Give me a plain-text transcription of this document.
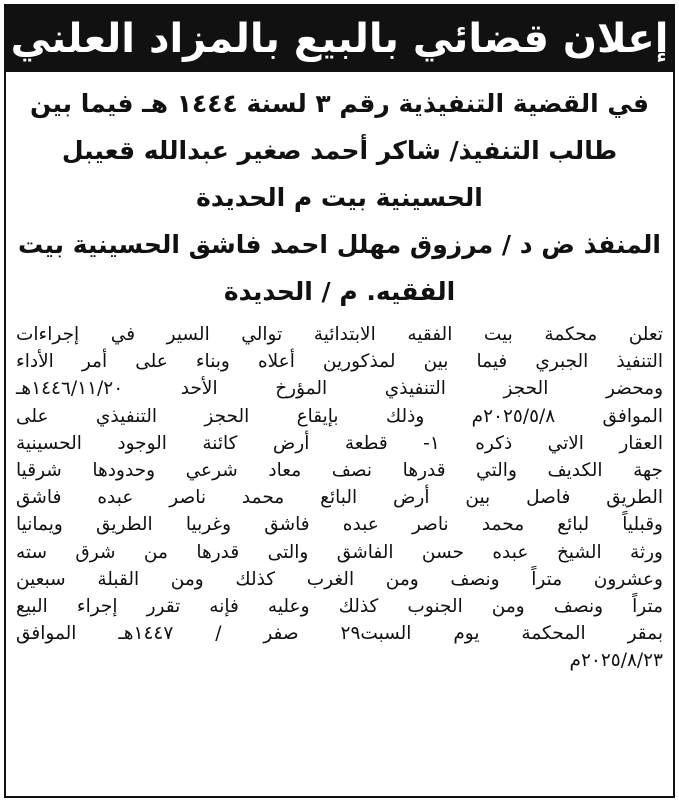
إعلان قضائي بالبيع بالمزاد العلني

في القضية التنفيذية رقم ٣ لسنة ١٤٤٤ هـ فيما بين

طالب التنفيذ/ شاكر أحمد صغير عبدالله قعيبل

الحسينية بيت م الحديدة

المنفذ ض د / مرزوق مهلل احمد فاشق الحسينية بيت

الفقيه. م / الحديدة

تعلن محكمة بيت الفقيه الابتدائية توالي السير في إجراءات

التنفيذ الجبري فيما بين لمذكورين أعلاه وبناء على أمر الأداء

ومحضر الحجز التنفيذي المؤرخ الأحد ١٤٤٦/١١/٢٠هـ

الموافق ٢٠٢٥/٥/٨م وذلك بإيقاع الحجز التنفيذي على

العقار الاتي ذكره ١- قطعة أرض كائنة الوجود الحسينية

جهة الكديف والتي قدرها نصف معاد شرعي وحدودها شرقيا

الطريق فاصل بين أرض البائع محمد ناصر عبده فاشق

وقبلياً لبائع محمد ناصر عبده فاشق وغربيا الطريق ويمانيا

ورثة الشيخ عبده حسن الفاشق والتى قدرها من شرق سته

وعشرون متراً ونصف ومن الغرب كذلك ومن القبلة سبعين

متراً ونصف ومن الجنوب كذلك وعليه فإنه تقرر إجراء البيع

بمقر المحكمة يوم السبت٢٩ صفر / ١٤٤٧هـ الموافق

٢٠٢٥/٨/٢٣م
